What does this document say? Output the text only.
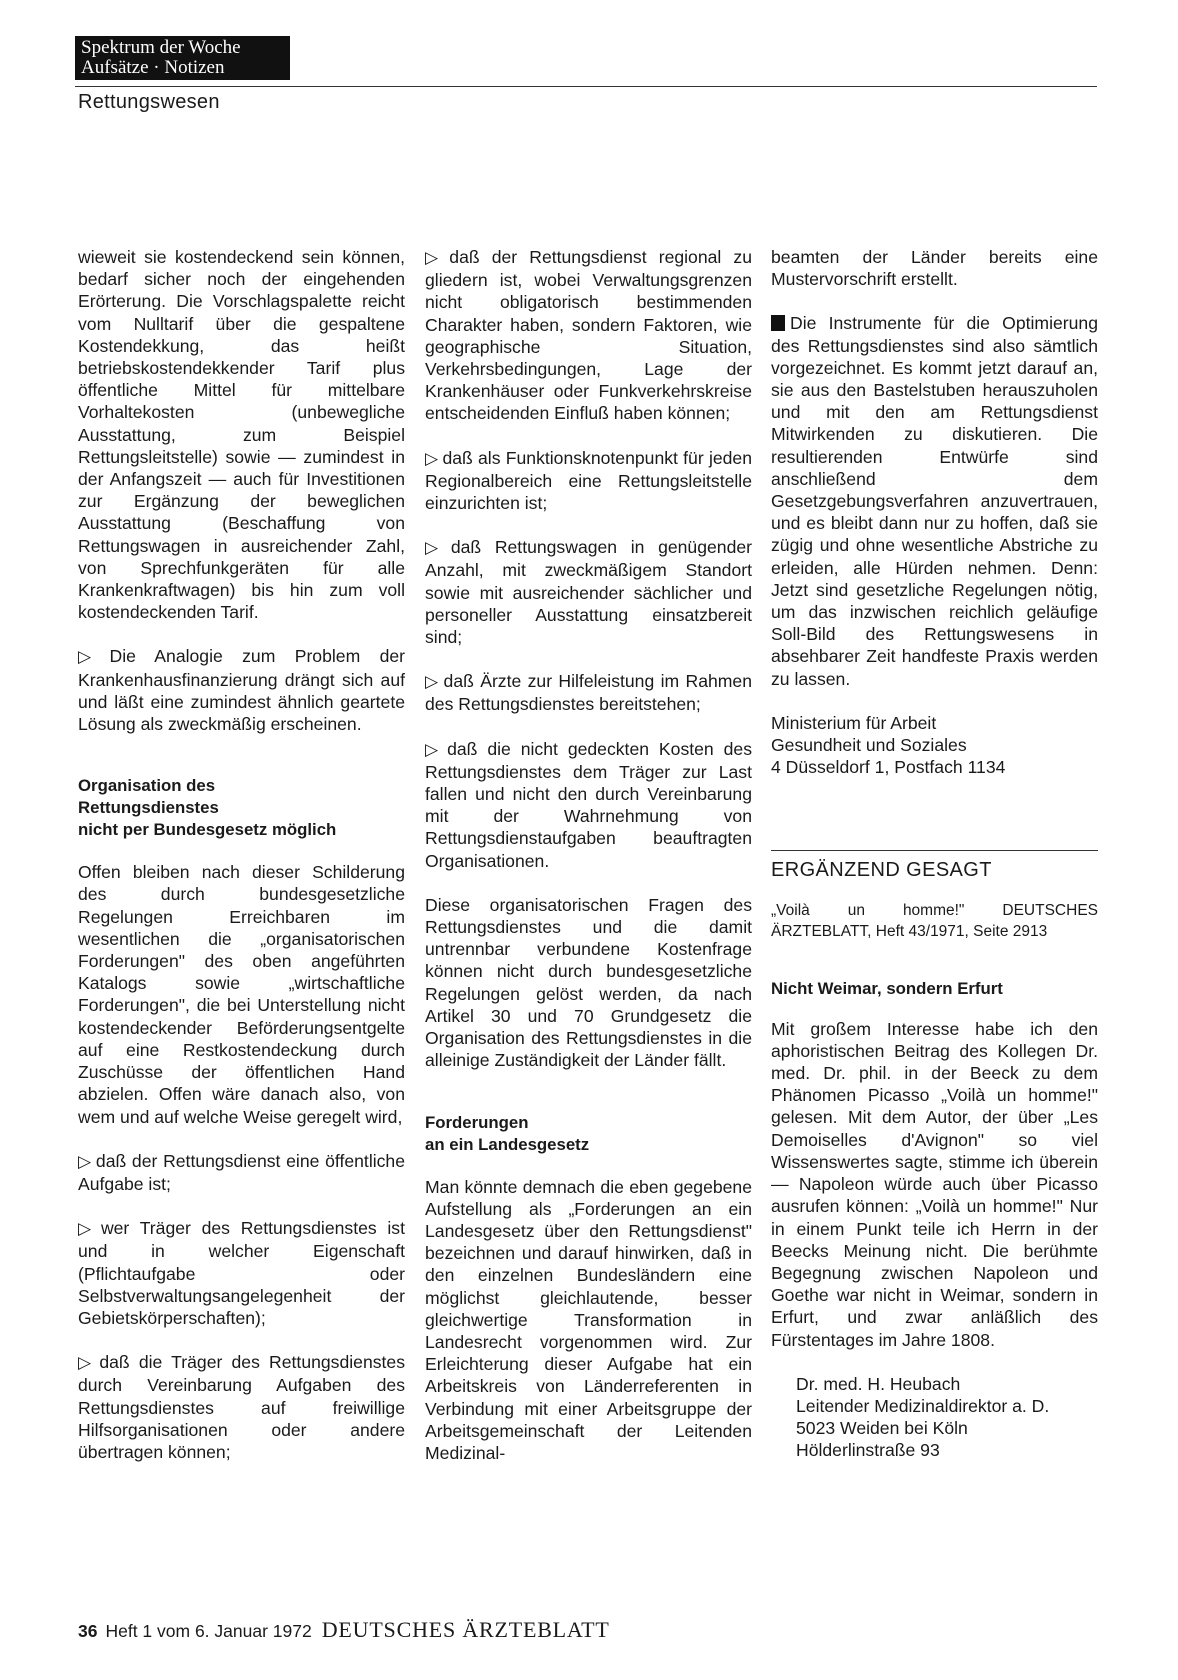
Spektrum der Woche
Aufsätze · Notizen
Rettungswesen

wieweit sie kostendeckend sein können, bedarf sicher noch der eingehenden Erörterung. Die Vorschlagspalette reicht vom Nulltarif über die gespaltene Kostendekkung, das heißt betriebskostendekkender Tarif plus öffentliche Mittel für mittelbare Vorhaltekosten (unbewegliche Ausstattung, zum Beispiel Rettungsleitstelle) sowie — zumindest in der Anfangszeit — auch für Investitionen zur Ergänzung der beweglichen Ausstattung (Beschaffung von Rettungswagen in ausreichender Zahl, von Sprechfunkgeräten für alle Krankenkraftwagen) bis hin zum voll kostendeckenden Tarif.

▷ Die Analogie zum Problem der Krankenhausfinanzierung drängt sich auf und läßt eine zumindest ähnlich geartete Lösung als zweckmäßig erscheinen.

Organisation des
Rettungsdienstes
nicht per Bundesgesetz möglich

Offen bleiben nach dieser Schilderung des durch bundesgesetzliche Regelungen Erreichbaren im wesentlichen die „organisatorischen Forderungen" des oben angeführten Katalogs sowie „wirtschaftliche Forderungen", die bei Unterstellung nicht kostendeckender Beförderungsentgelte auf eine Restkostendeckung durch Zuschüsse der öffentlichen Hand abzielen. Offen wäre danach also, von wem und auf welche Weise geregelt wird,

▷ daß der Rettungsdienst eine öffentliche Aufgabe ist;

▷ wer Träger des Rettungsdienstes ist und in welcher Eigenschaft (Pflichtaufgabe oder Selbstverwaltungsangelegenheit der Gebietskörperschaften);

▷ daß die Träger des Rettungsdienstes durch Vereinbarung Aufgaben des Rettungsdienstes auf freiwillige Hilfsorganisationen oder andere übertragen können;

▷ daß der Rettungsdienst regional zu gliedern ist, wobei Verwaltungsgrenzen nicht obligatorisch bestimmenden Charakter haben, sondern Faktoren, wie geographische Situation, Verkehrsbedingungen, Lage der Krankenhäuser oder Funkverkehrskreise entscheidenden Einfluß haben können;

▷ daß als Funktionsknotenpunkt für jeden Regionalbereich eine Rettungsleitstelle einzurichten ist;

▷ daß Rettungswagen in genügender Anzahl, mit zweckmäßigem Standort sowie mit ausreichender sächlicher und personeller Ausstattung einsatzbereit sind;

▷ daß Ärzte zur Hilfeleistung im Rahmen des Rettungsdienstes bereitstehen;

▷ daß die nicht gedeckten Kosten des Rettungsdienstes dem Träger zur Last fallen und nicht den durch Vereinbarung mit der Wahrnehmung von Rettungsdienstaufgaben beauftragten Organisationen.

Diese organisatorischen Fragen des Rettungsdienstes und die damit untrennbar verbundene Kostenfrage können nicht durch bundesgesetzliche Regelungen gelöst werden, da nach Artikel 30 und 70 Grundgesetz die Organisation des Rettungsdienstes in die alleinige Zuständigkeit der Länder fällt.

Forderungen
an ein Landesgesetz

Man könnte demnach die eben gegebene Aufstellung als „Forderungen an ein Landesgesetz über den Rettungsdienst" bezeichnen und darauf hinwirken, daß in den einzelnen Bundesländern eine möglichst gleichlautende, besser gleichwertige Transformation in Landesrecht vorgenommen wird. Zur Erleichterung dieser Aufgabe hat ein Arbeitskreis von Länderreferenten in Verbindung mit einer Arbeitsgruppe der Arbeitsgemeinschaft der Leitenden Medizinal-

beamten der Länder bereits eine Mustervorschrift erstellt.

Die Instrumente für die Optimierung des Rettungsdienstes sind also sämtlich vorgezeichnet. Es kommt jetzt darauf an, sie aus den Bastelstuben herauszuholen und mit den am Rettungsdienst Mitwirkenden zu diskutieren. Die resultierenden Entwürfe sind anschließend dem Gesetzgebungsverfahren anzuvertrauen, und es bleibt dann nur zu hoffen, daß sie zügig und ohne wesentliche Abstriche zu erleiden, alle Hürden nehmen. Denn: Jetzt sind gesetzliche Regelungen nötig, um das inzwischen reichlich geläufige Soll-Bild des Rettungswesens in absehbarer Zeit handfeste Praxis werden zu lassen.

Ministerium für Arbeit
Gesundheit und Soziales
4 Düsseldorf 1, Postfach 1134

ERGÄNZEND GESAGT

„Voilà un homme!" DEUTSCHES ÄRZTEBLATT, Heft 43/1971, Seite 2913

Nicht Weimar, sondern Erfurt

Mit großem Interesse habe ich den aphoristischen Beitrag des Kollegen Dr. med. Dr. phil. in der Beeck zu dem Phänomen Picasso „Voilà un homme!" gelesen. Mit dem Autor, der über „Les Demoiselles d'Avignon" so viel Wissenswertes sagte, stimme ich überein — Napoleon würde auch über Picasso ausrufen können: „Voilà un homme!" Nur in einem Punkt teile ich Herrn in der Beecks Meinung nicht. Die berühmte Begegnung zwischen Napoleon und Goethe war nicht in Weimar, sondern in Erfurt, und zwar anläßlich des Fürstentages im Jahre 1808.

Dr. med. H. Heubach
Leitender Medizinaldirektor a. D.
5023 Weiden bei Köln
Hölderlinstraße 93

36 Heft 1 vom 6. Januar 1972 DEUTSCHES ÄRZTEBLATT
